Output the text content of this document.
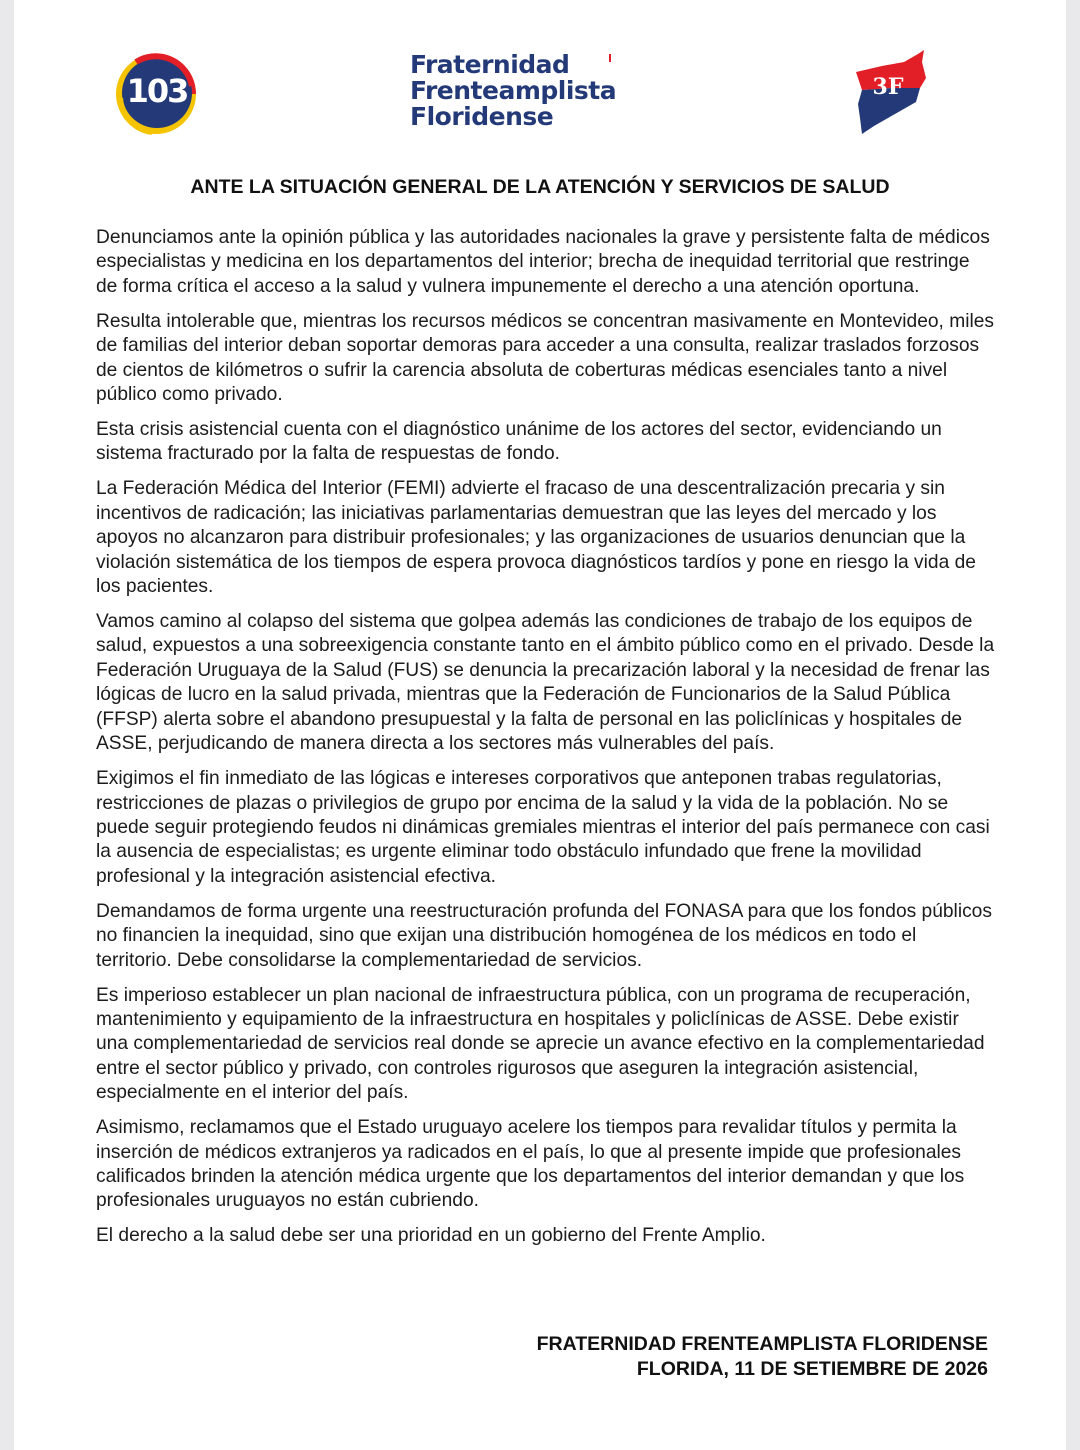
103
Fraternidad
Frenteamplista
Floridense
3F
ANTE LA SITUACIÓN GENERAL DE LA ATENCIÓN Y SERVICIOS DE SALUD

Denunciamos ante la opinión pública y las autoridades nacionales la grave y persistente falta de médicos especialistas y medicina en los departamentos del interior; brecha de inequidad territorial que restringe de forma crítica el acceso a la salud y vulnera impunemente el derecho a una atención oportuna.

Resulta intolerable que, mientras los recursos médicos se concentran masivamente en Montevideo, miles de familias del interior deban soportar demoras para acceder a una consulta, realizar traslados forzosos de cientos de kilómetros o sufrir la carencia absoluta de coberturas médicas esenciales tanto a nivel público como privado.

Esta crisis asistencial cuenta con el diagnóstico unánime de los actores del sector, evidenciando un sistema fracturado por la falta de respuestas de fondo.

La Federación Médica del Interior (FEMI) advierte el fracaso de una descentralización precaria y sin incentivos de radicación; las iniciativas parlamentarias demuestran que las leyes del mercado y los apoyos no alcanzaron para distribuir profesionales; y las organizaciones de usuarios denuncian que la violación sistemática de los tiempos de espera provoca diagnósticos tardíos y pone en riesgo la vida de los pacientes.

Vamos camino al colapso del sistema que golpea además las condiciones de trabajo de los equipos de salud, expuestos a una sobreexigencia constante tanto en el ámbito público como en el privado. Desde la Federación Uruguaya de la Salud (FUS) se denuncia la precarización laboral y la necesidad de frenar las lógicas de lucro en la salud privada, mientras que la Federación de Funcionarios de la Salud Pública (FFSP) alerta sobre el abandono presupuestal y la falta de personal en las policlínicas y hospitales de ASSE, perjudicando de manera directa a los sectores más vulnerables del país.

Exigimos el fin inmediato de las lógicas e intereses corporativos que anteponen trabas regulatorias, restricciones de plazas o privilegios de grupo por encima de la salud y la vida de la población. No se puede seguir protegiendo feudos ni dinámicas gremiales mientras el interior del país permanece con casi la ausencia de especialistas; es urgente eliminar todo obstáculo infundado que frene la movilidad profesional y la integración asistencial efectiva.

Demandamos de forma urgente una reestructuración profunda del FONASA para que los fondos públicos no financien la inequidad, sino que exijan una distribución homogénea de los médicos en todo el territorio. Debe consolidarse la complementariedad de servicios.

Es imperioso establecer un plan nacional de infraestructura pública, con un programa de recuperación, mantenimiento y equipamiento de la infraestructura en hospitales y policlínicas de ASSE. Debe existir una complementariedad de servicios real donde se aprecie un avance efectivo en la complementariedad entre el sector público y privado, con controles rigurosos que aseguren la integración asistencial, especialmente en el interior del país.

Asimismo, reclamamos que el Estado uruguayo acelere los tiempos para revalidar títulos y permita la inserción de médicos extranjeros ya radicados en el país, lo que al presente impide que profesionales calificados brinden la atención médica urgente que los departamentos del interior demandan y que los profesionales uruguayos no están cubriendo.

El derecho a la salud debe ser una prioridad en un gobierno del Frente Amplio.

FRATERNIDAD FRENTEAMPLISTA FLORIDENSE
FLORIDA, 11 DE SETIEMBRE DE 2026
